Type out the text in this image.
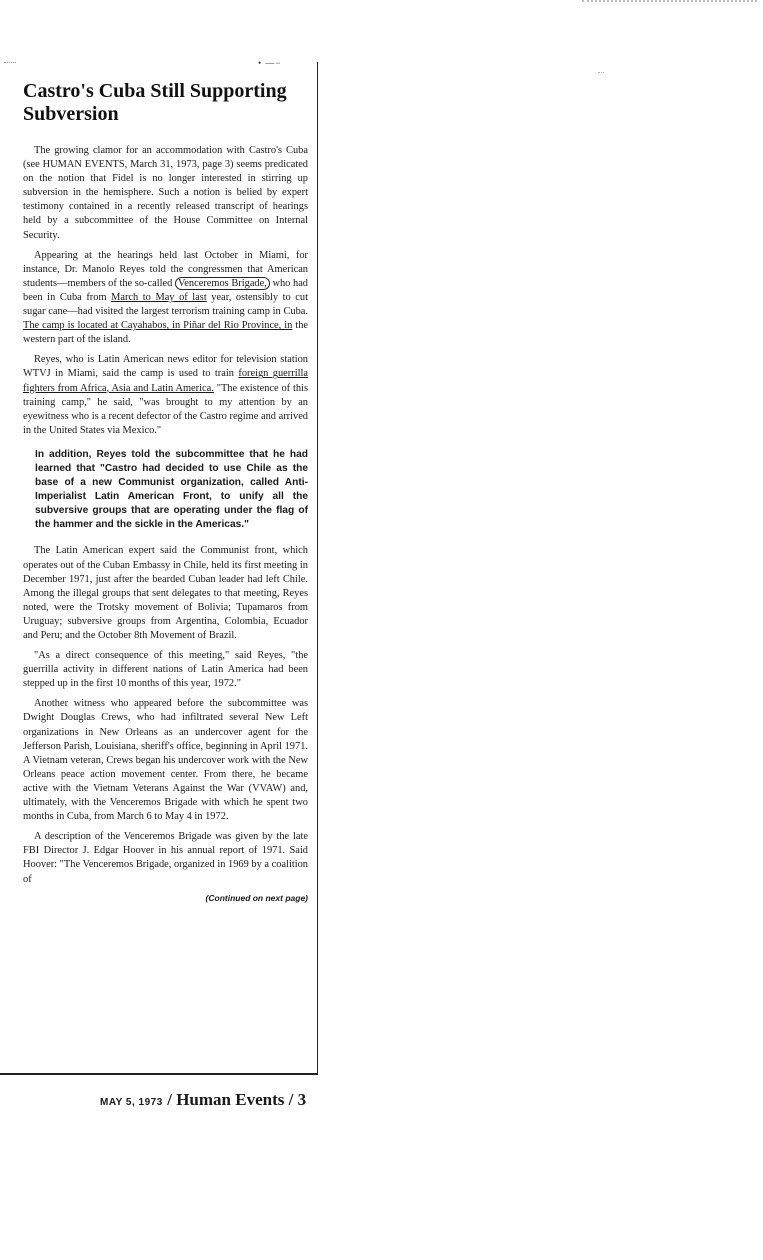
• —−
Castro's Cuba Still Supporting Subversion

The growing clamor for an accommodation with Castro's Cuba (see HUMAN EVENTS, March 31, 1973, page 3) seems predicated on the notion that Fidel is no longer interested in stirring up subversion in the hemisphere. Such a notion is belied by expert testimony contained in a recently released transcript of hearings held by a subcommittee of the House Committee on Internal Security.

Appearing at the hearings held last October in Miami, for instance, Dr. Manolo Reyes told the congressmen that American students—members of the so-called Venceremos Brigade, who had been in Cuba from March to May of last year, ostensibly to cut sugar cane—had visited the largest terrorism training camp in Cuba. The camp is located at Cayahabos, in Piñar del Rio Province, in the western part of the island.

Reyes, who is Latin American news editor for television station WTVJ in Miami, said the camp is used to train foreign guerrilla fighters from Africa, Asia and Latin America. "The existence of this training camp," he said, "was brought to my attention by an eyewitness who is a recent defector of the Castro regime and arrived in the United States via Mexico."

In addition, Reyes told the subcommittee that he had learned that "Castro had decided to use Chile as the base of a new Communist organization, called Anti-Imperialist Latin American Front, to unify all the subversive groups that are operating under the flag of the hammer and the sickle in the Americas."

The Latin American expert said the Communist front, which operates out of the Cuban Embassy in Chile, held its first meeting in December 1971, just after the bearded Cuban leader had left Chile. Among the illegal groups that sent delegates to that meeting, Reyes noted, were the Trotsky movement of Bolivia; Tupamaros from Uruguay; subversive groups from Argentina, Colombia, Ecuador and Peru; and the October 8th Movement of Brazil.

"As a direct consequence of this meeting," said Reyes, "the guerrilla activity in different nations of Latin America had been stepped up in the first 10 months of this year, 1972."

Another witness who appeared before the subcommittee was Dwight Douglas Crews, who had infiltrated several New Left organizations in New Orleans as an undercover agent for the Jefferson Parish, Louisiana, sheriff's office, beginning in April 1971. A Vietnam veteran, Crews began his undercover work with the New Orleans peace action movement center. From there, he became active with the Vietnam Veterans Against the War (VVAW) and, ultimately, with the Venceremos Brigade with which he spent two months in Cuba, from March 6 to May 4 in 1972.

A description of the Venceremos Brigade was given by the late FBI Director J. Edgar Hoover in his annual report of 1971. Said Hoover: "The Venceremos Brigade, organized in 1969 by a coalition of

(Continued on next page)
MAY 5, 1973 / Human Events / 3
